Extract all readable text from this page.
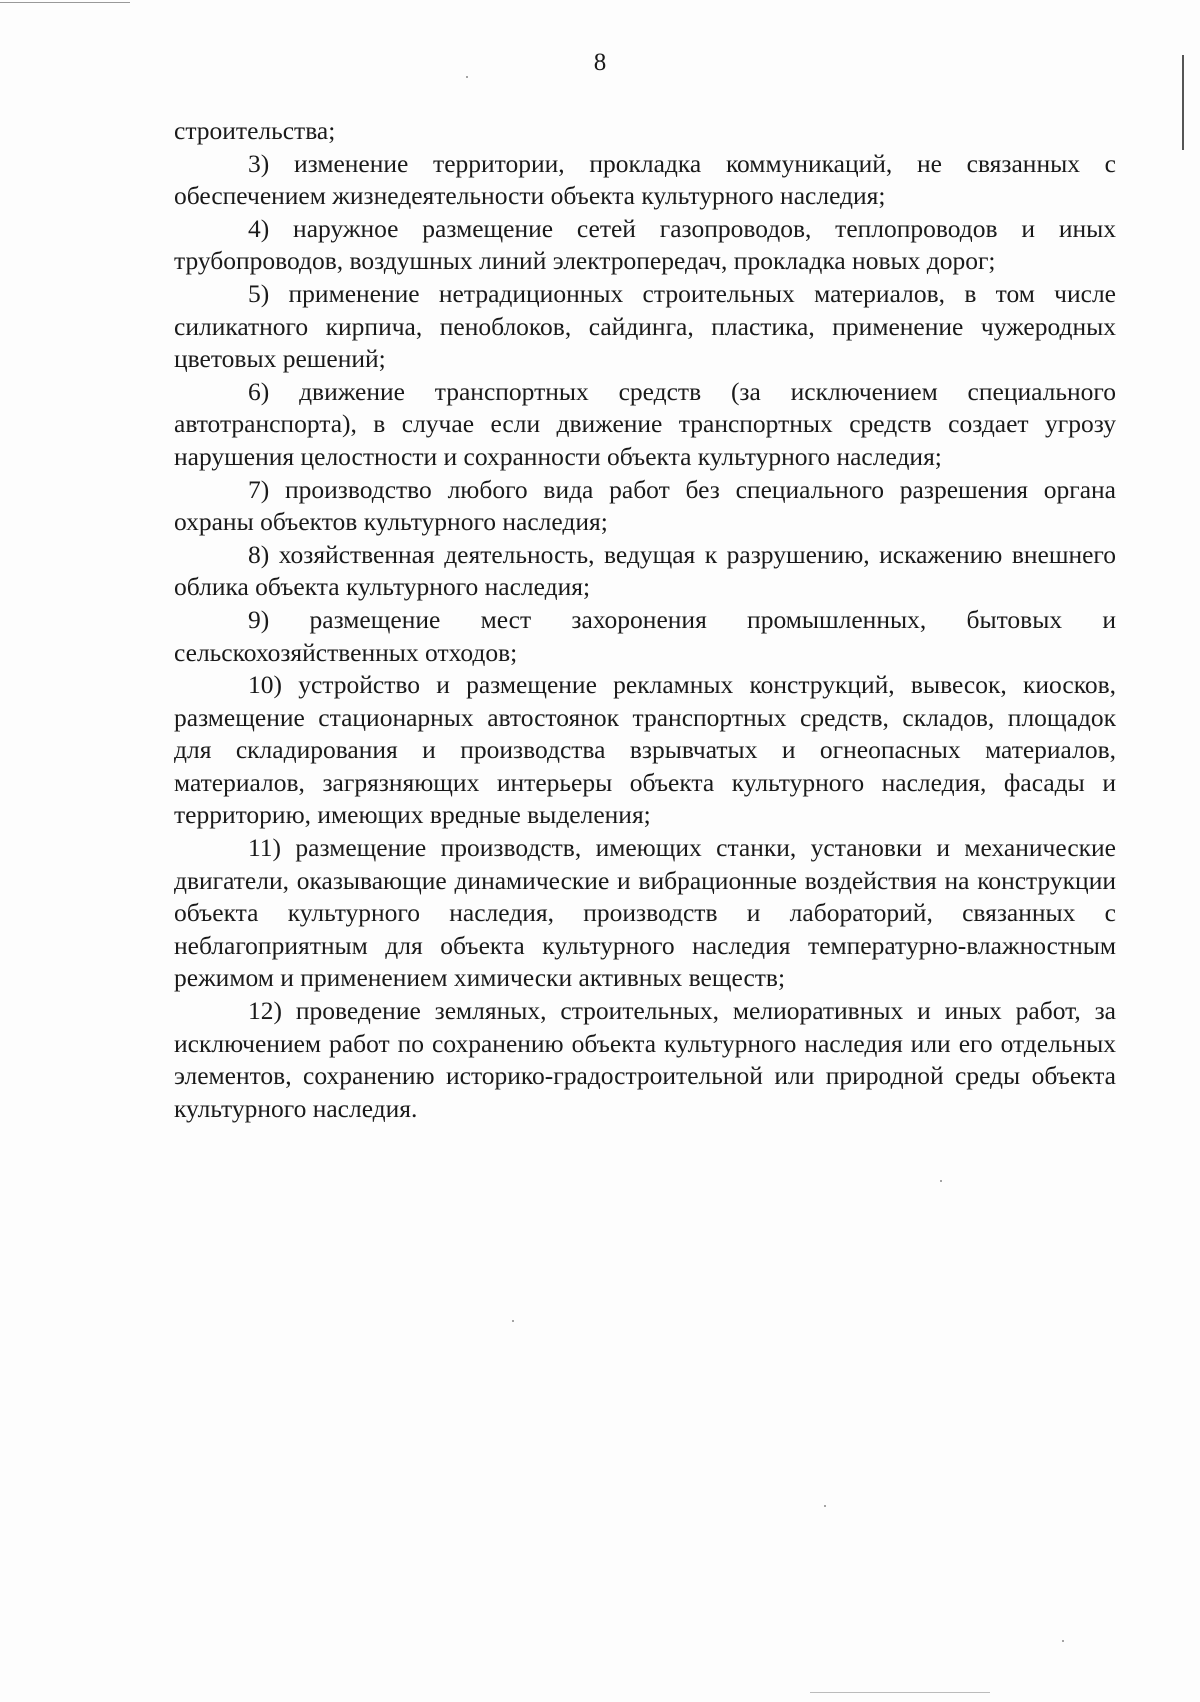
8

строительства;

3) изменение территории, прокладка коммуникаций, не связанных с обеспечением жизнедеятельности объекта культурного наследия;

4) наружное размещение сетей газопроводов, теплопроводов и иных трубопроводов, воздушных линий электропередач, прокладка новых дорог;

5) применение нетрадиционных строительных материалов, в том числе силикатного кирпича, пеноблоков, сайдинга, пластика, применение чужеродных цветовых решений;

6) движение транспортных средств (за исключением специального автотранспорта), в случае если движение транспортных средств создает угрозу нарушения целостности и сохранности объекта культурного наследия;

7) производство любого вида работ без специального разрешения органа охраны объектов культурного наследия;

8) хозяйственная деятельность, ведущая к разрушению, искажению внешнего облика объекта культурного наследия;

9) размещение мест захоронения промышленных, бытовых и сельскохозяйственных отходов;

10) устройство и размещение рекламных конструкций, вывесок, киосков, размещение стационарных автостоянок транспортных средств, складов, площадок для складирования и производства взрывчатых и огнеопасных материалов, материалов, загрязняющих интерьеры объекта культурного наследия, фасады и территорию, имеющих вредные выделения;

11) размещение производств, имеющих станки, установки и механические двигатели, оказывающие динамические и вибрационные воздействия на конструкции объекта культурного наследия, производств и лабораторий, связанных с неблагоприятным для объекта культурного наследия температурно-влажностным режимом и применением химически активных веществ;

12) проведение земляных, строительных, мелиоративных и иных работ, за исключением работ по сохранению объекта культурного наследия или его отдельных элементов, сохранению историко-градостроительной или природной среды объекта культурного наследия.
